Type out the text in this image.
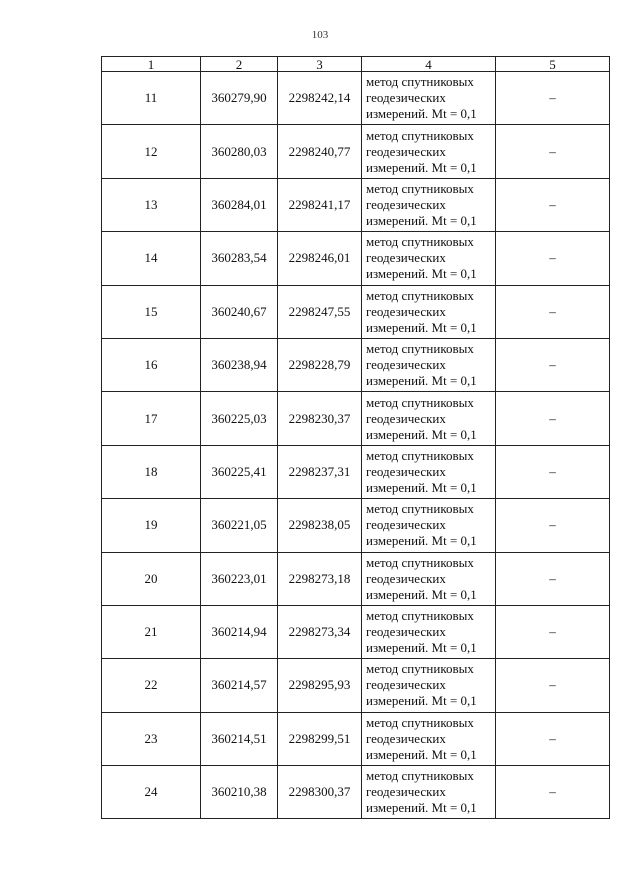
103
1	2	3	4	5
11	360279,90	2298242,14	метод спутниковых
геодезических
измерений. Mt = 0,1	–
12	360280,03	2298240,77	метод спутниковых
геодезических
измерений. Mt = 0,1	–
13	360284,01	2298241,17	метод спутниковых
геодезических
измерений. Mt = 0,1	–
14	360283,54	2298246,01	метод спутниковых
геодезических
измерений. Mt = 0,1	–
15	360240,67	2298247,55	метод спутниковых
геодезических
измерений. Mt = 0,1	–
16	360238,94	2298228,79	метод спутниковых
геодезических
измерений. Mt = 0,1	–
17	360225,03	2298230,37	метод спутниковых
геодезических
измерений. Mt = 0,1	–
18	360225,41	2298237,31	метод спутниковых
геодезических
измерений. Mt = 0,1	–
19	360221,05	2298238,05	метод спутниковых
геодезических
измерений. Mt = 0,1	–
20	360223,01	2298273,18	метод спутниковых
геодезических
измерений. Mt = 0,1	–
21	360214,94	2298273,34	метод спутниковых
геодезических
измерений. Mt = 0,1	–
22	360214,57	2298295,93	метод спутниковых
геодезических
измерений. Mt = 0,1	–
23	360214,51	2298299,51	метод спутниковых
геодезических
измерений. Mt = 0,1	–
24	360210,38	2298300,37	метод спутниковых
геодезических
измерений. Mt = 0,1	–
